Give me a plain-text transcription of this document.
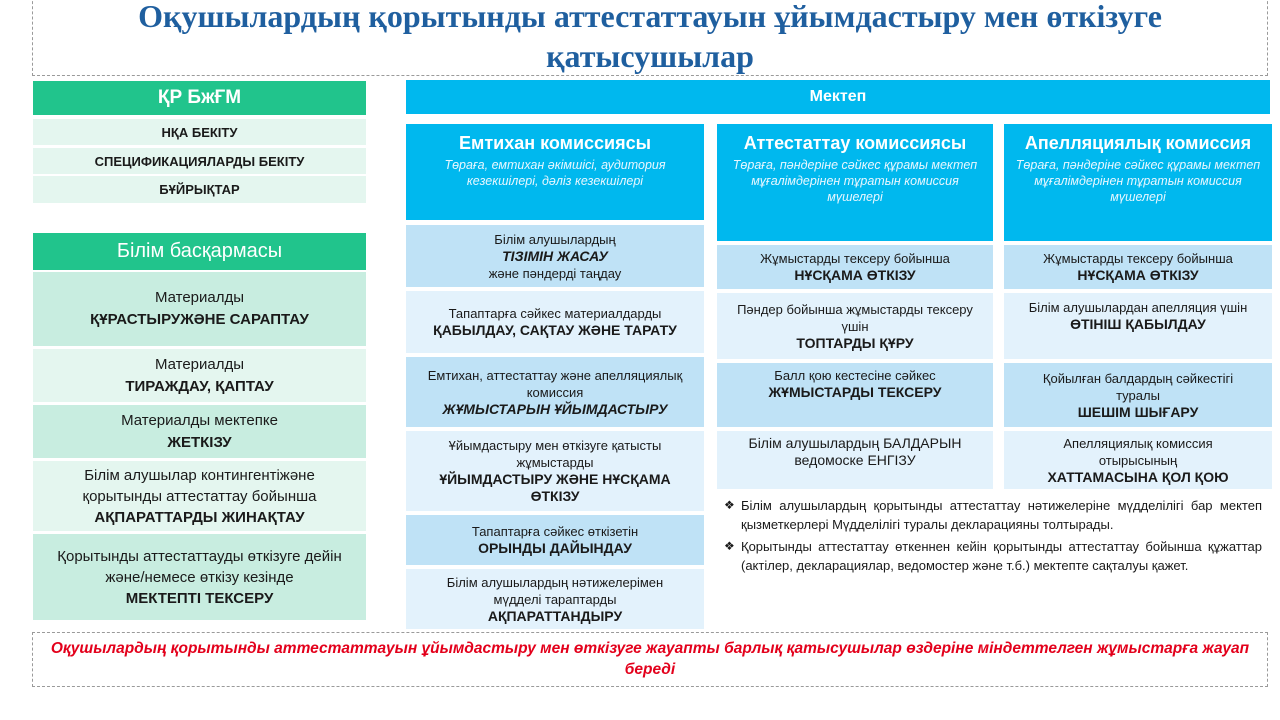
Оқушылардың қорытынды аттестаттауын ұйымдастыру мен өткізуге
қатысушылар
ҚР БжҒМ
НҚА БЕКІТУ
СПЕЦИФИКАЦИЯЛАРДЫ БЕКІТУ
БҰЙРЫҚТАР
Білім басқармасы
Материалды
ҚҰРАСТЫРУЖӘНЕ САРАПТАУ
Материалды
ТИРАЖДАУ, ҚАПТАУ
Материалды мектепке
ЖЕТКІЗУ
Білім алушылар контингентіжәне қорытынды аттестаттау бойынша
АҚПАРАТТАРДЫ ЖИНАҚТАУ
Қорытынды аттестаттауды өткізуге дейін және/немесе өткізу кезінде
МЕКТЕПТІ ТЕКСЕРУ
Мектеп
Емтихан комиссиясы
Төраға, емтихан әкімшісі, аудитория кезекшілері, дәліз кезекшілері
Білім алушылардың
ТІЗІМІН ЖАСАУ
және пәндерді таңдау
Тапаптарға сәйкес материалдарды
ҚАБЫЛДАУ, САҚТАУ ЖӘНЕ ТАРАТУ
Емтихан, аттестаттау және апелляциялық комиссия
ЖҰМЫСТАРЫН ҰЙЫМДАСТЫРУ
Ұйымдастыру мен өткізуге қатысты жұмыстарды
ҰЙЫМДАСТЫРУ ЖӘНЕ НҰСҚАМА ӨТКІЗУ
Тапаптарға сәйкес өткізетін
ОРЫНДЫ ДАЙЫНДАУ
Білім алушылардың нәтижелерімен мүдделі тараптарды
АҚПАРАТТАНДЫРУ
Аттестаттау комиссиясы
Төраға, пәндеріне сәйкес құрамы мектеп мұғалімдерінен тұратын комиссия мүшелері
Жұмыстарды тексеру бойынша
НҰСҚАМА ӨТКІЗУ
Пәндер бойынша жұмыстарды тексеру үшін
ТОПТАРДЫ ҚҰРУ
Балл қою кестесіне сәйкес
ЖҰМЫСТАРДЫ ТЕКСЕРУ
Білім алушылардың БАЛДАРЫН ведомоске ЕНГІЗУ
Апелляциялық комиссия
Төраға, пәндеріне сәйкес құрамы мектеп мұғалімдерінен тұратын комиссия мүшелері
Жұмыстарды тексеру бойынша
НҰСҚАМА ӨТКІЗУ
Білім алушылардан апелляция үшін
ӨТІНІШ ҚАБЫЛДАУ
Қойылған балдардың сәйкестігі туралы
ШЕШІМ ШЫҒАРУ
Апелляциялық комиссия отырысының
ХАТТАМАСЫНА ҚОЛ ҚОЮ
❖ Білім алушылардың қорытынды аттестаттау нәтижелеріне мүдделілігі бар мектеп қызметкерлері Мүдделілігі туралы декларацияны толтырады.
❖ Қорытынды аттестаттау өткеннен кейін қорытынды аттестаттау бойынша құжаттар (актілер, декларациялар, ведомостер және т.б.) мектепте сақталуы қажет.
Оқушылардың қорытынды аттестаттауын ұйымдастыру мен өткізуге жауапты барлық қатысушылар өздеріне міндеттелген жұмыстарға жауап береді
